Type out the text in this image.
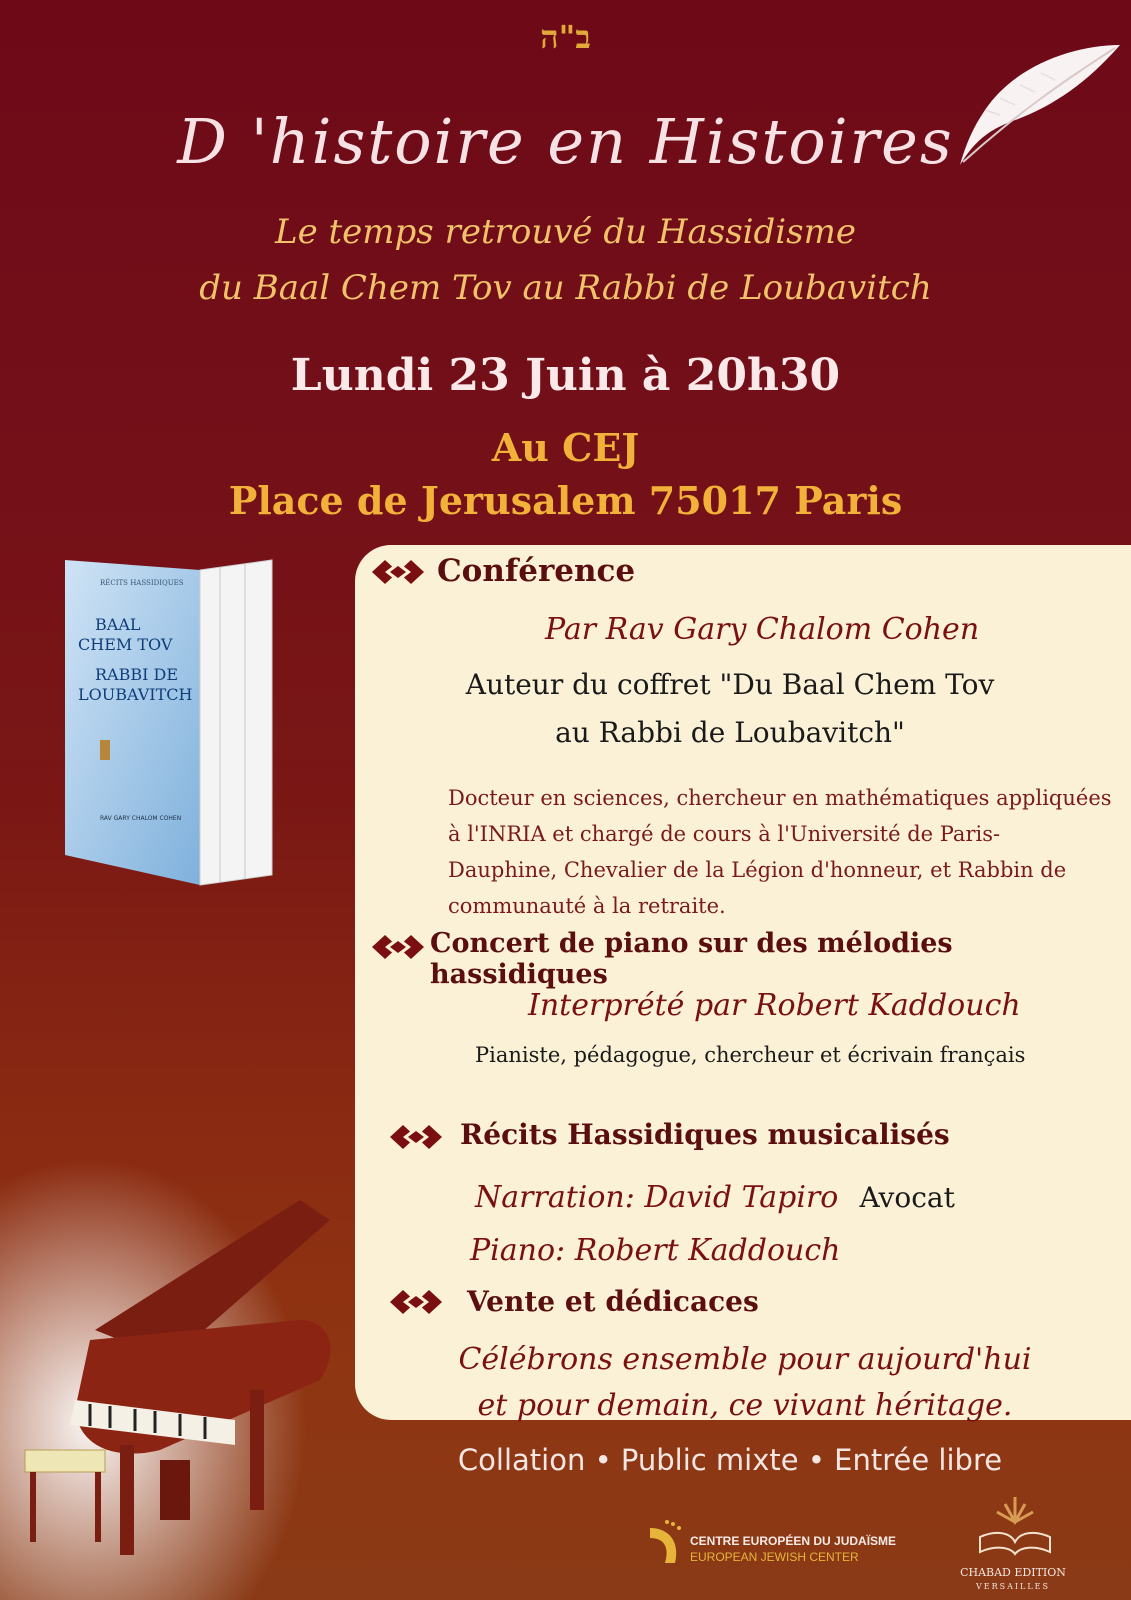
ב"ה
D 'histoire en Histoires
Le temps retrouvé du Hassidisme
du Baal Chem Tov au Rabbi de Loubavitch
Lundi 23 Juin à 20h30
Au CEJ
Place de Jerusalem 75017 Paris
RÉCITS HASSIDIQUES
BAAL
CHEM TOV
RABBI DE
LOUBAVITCH
RAV GARY CHALOM COHEN
Conférence
Par Rav Gary Chalom Cohen
Auteur du coffret "Du Baal Chem Tov
au Rabbi de Loubavitch"
Docteur en sciences, chercheur en mathématiques appliquées
à l'INRIA et chargé de cours à l'Université de Paris-
Dauphine, Chevalier de la Légion d'honneur, et Rabbin de
communauté à la retraite.
Concert de piano sur des mélodies hassidiques
Interprété par Robert Kaddouch
Pianiste, pédagogue, chercheur et écrivain français
Récits Hassidiques musicalisés
Narration: David Tapiro Avocat
Piano: Robert Kaddouch
Vente et dédicaces
Célébrons ensemble pour aujourd'hui
et pour demain, ce vivant héritage.
Collation • Public mixte • Entrée libre
CENTRE EUROPÉEN DU JUDAÏSME
EUROPEAN JEWISH CENTER
CHABAD EDITION
VERSAILLES
